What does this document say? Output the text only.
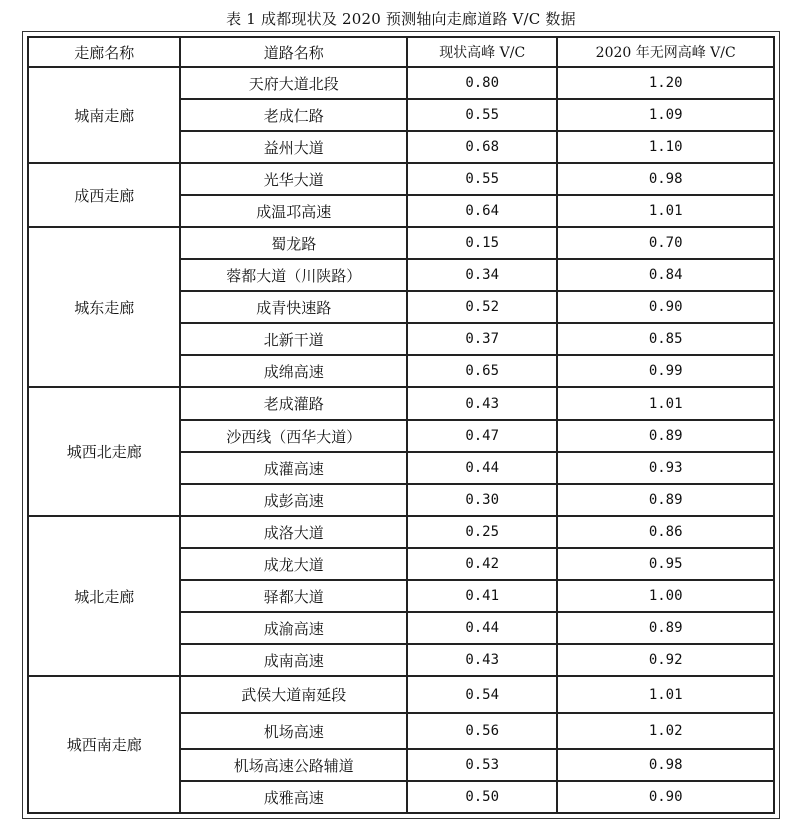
表 1 成都现状及 2020 预测轴向走廊道路 V/C 数据
走廊名称	道路名称	现状高峰 V/C	2020 年无网高峰 V/C
城南走廊	天府大道北段	0.80	1.20
	老成仁路	0.55	1.09
	益州大道	0.68	1.10
成西走廊	光华大道	0.55	0.98
	成温邛高速	0.64	1.01
城东走廊	蜀龙路	0.15	0.70
	蓉都大道（川陕路）	0.34	0.84
	成青快速路	0.52	0.90
	北新干道	0.37	0.85
	成绵高速	0.65	0.99
城西北走廊	老成灌路	0.43	1.01
	沙西线（西华大道）	0.47	0.89
	成灌高速	0.44	0.93
	成彭高速	0.30	0.89
城北走廊	成洛大道	0.25	0.86
	成龙大道	0.42	0.95
	驿都大道	0.41	1.00
	成渝高速	0.44	0.89
	成南高速	0.43	0.92
城西南走廊	武侯大道南延段	0.54	1.01
	机场高速	0.56	1.02
	机场高速公路辅道	0.53	0.98
	成雅高速	0.50	0.90
